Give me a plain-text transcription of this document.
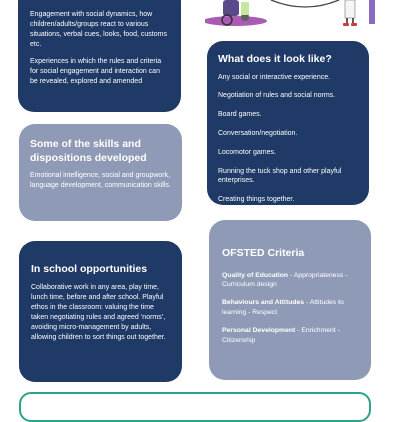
Engagement with social dynamics, how children/adults/groups react to various situations, verbal cues, looks, food, customs etc.

Experiences in which the rules and criteria for social engagement and interaction can be revealed, explored and amended

What does it look like?
Any social or interactive experience.
Negotiation of rules and social norms.
Board games.
Conversation/negotiation.
Locomotor games.
Running the tuck shop and other playful enterprises.
Creating things together.
Some of the skills and dispositions developed

Emotional intelligence, social and groupwork, language development, communication skills.

In school opportunities

Collaborative work in any area, play time, lunch time, before and after school. Playful ethos in the classroom: valuing the time taken negotiating rules and agreed ‘norms’, avoiding micro-management by adults, allowing children to sort things out together.

OFSTED Criteria

Quality of Education - Appropriateness - Curriculum design

Behaviours and Attitudes - Attitudes to learning - Respect

Personal Development - Enrichment - Citizenship
